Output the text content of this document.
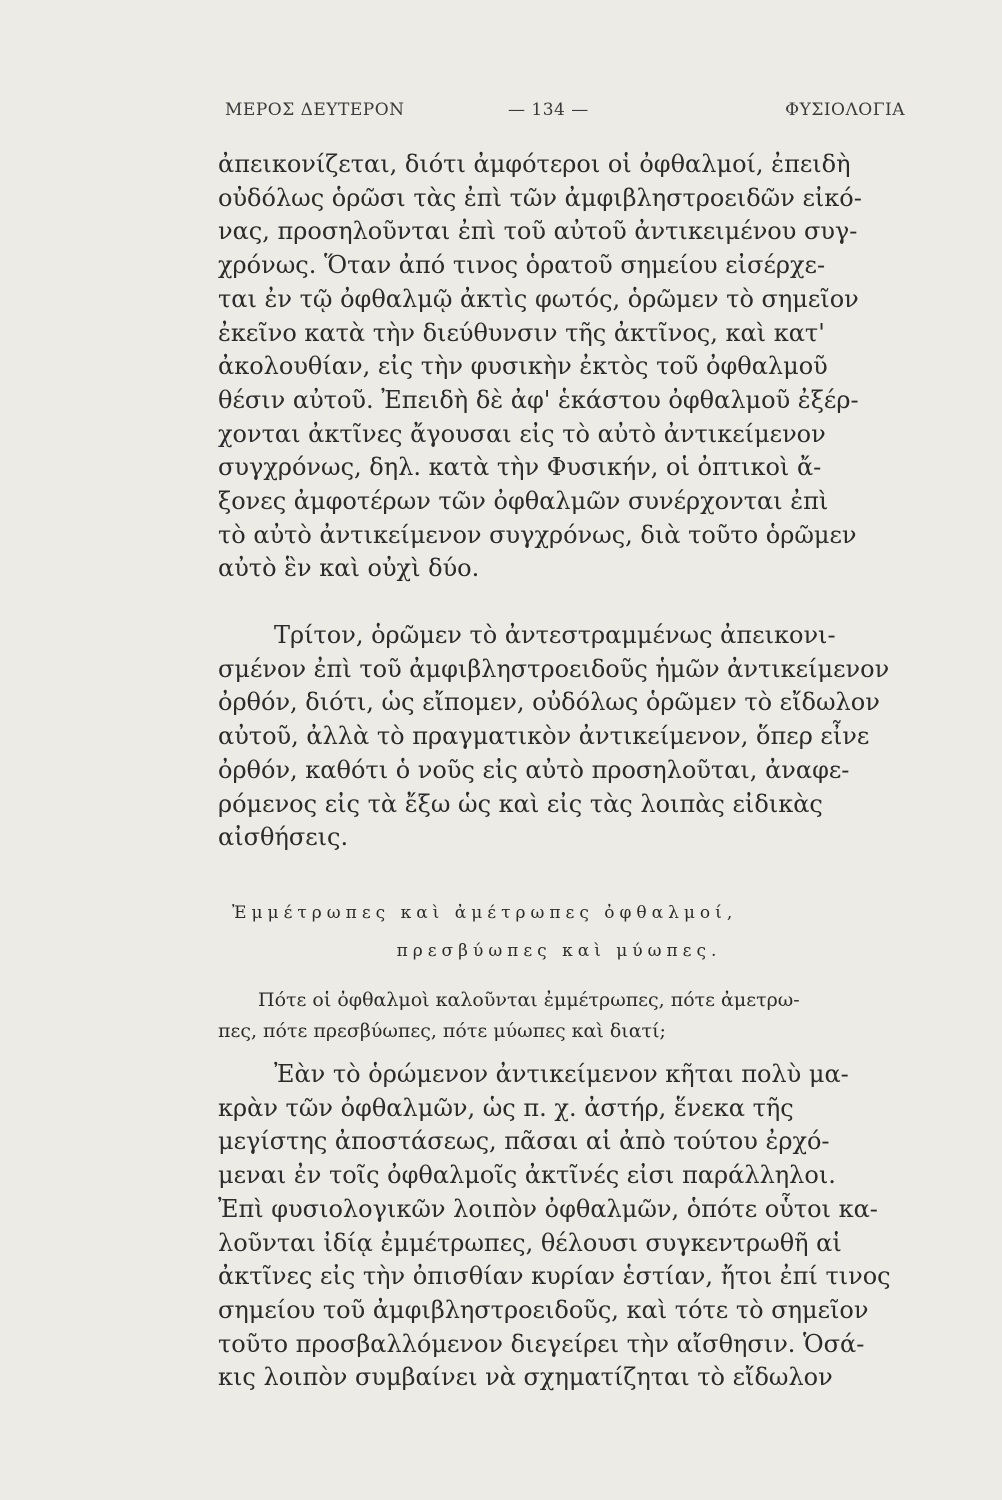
ΜΕΡΟΣ ΔΕΥΤΕΡΟΝ	— 134 —	ΦΥΣΙΟΛΟΓΙΑ
ἀπεικονίζεται, διότι ἀμφότεροι οἱ ὀφθαλμοί, ἐπειδὴ
οὐδόλως ὁρῶσι τὰς ἐπὶ τῶν ἀμφιβληστροειδῶν εἰκό-
νας, προσηλοῦνται ἐπὶ τοῦ αὐτοῦ ἀντικειμένου συγ-
χρόνως. Ὅταν ἀπό τινος ὁρατοῦ σημείου εἰσέρχε-
ται ἐν τῷ ὀφθαλμῷ ἀκτὶς φωτός, ὁρῶμεν τὸ σημεῖον
ἐκεῖνο κατὰ τὴν διεύθυνσιν τῆς ἀκτῖνος, καὶ κατ'
ἀκολουθίαν, εἰς τὴν φυσικὴν ἐκτὸς τοῦ ὀφθαλμοῦ
θέσιν αὐτοῦ. Ἐπειδὴ δὲ ἀφ' ἑκάστου ὀφθαλμοῦ ἐξέρ-
χονται ἀκτῖνες ἄγουσαι εἰς τὸ αὐτὸ ἀντικείμενον
συγχρόνως, δηλ. κατὰ τὴν Φυσικήν, οἱ ὀπτικοὶ ἄ-
ξονες ἀμφοτέρων τῶν ὀφθαλμῶν συνέρχονται ἐπὶ
τὸ αὐτὸ ἀντικείμενον συγχρόνως, διὰ τοῦτο ὁρῶμεν
αὐτὸ ἓν καὶ οὐχὶ δύο.
Τρίτον, ὁρῶμεν τὸ ἀντεστραμμένως ἀπεικονι-
σμένον ἐπὶ τοῦ ἀμφιβληστροειδοῦς ἡμῶν ἀντικείμενον
ὀρθόν, διότι, ὡς εἴπομεν, οὐδόλως ὁρῶμεν τὸ εἴδωλον
αὐτοῦ, ἀλλὰ τὸ πραγματικὸν ἀντικείμενον, ὅπερ εἶνε
ὀρθόν, καθότι ὁ νοῦς εἰς αὐτὸ προσηλοῦται, ἀναφε-
ρόμενος εἰς τὰ ἔξω ὡς καὶ εἰς τὰς λοιπὰς εἰδικὰς
αἰσθήσεις.
Ἐμμέτρωπες καὶ ἀμέτρωπες ὀφθαλμοί,
πρεσβύωπες καὶ μύωπες.
Πότε οἱ ὀφθαλμοὶ καλοῦνται ἐμμέτρωπες, πότε ἀμετρω-
πες, πότε πρεσβύωπες, πότε μύωπες καὶ διατί;
Ἐὰν τὸ ὁρώμενον ἀντικείμενον κῆται πολὺ μα-
κρὰν τῶν ὀφθαλμῶν, ὡς π. χ. ἀστήρ, ἕνεκα τῆς
μεγίστης ἀποστάσεως, πᾶσαι αἱ ἀπὸ τούτου ἐρχό-
μεναι ἐν τοῖς ὀφθαλμοῖς ἀκτῖνές εἰσι παράλληλοι.
Ἐπὶ φυσιολογικῶν λοιπὸν ὀφθαλμῶν, ὁπότε οὗτοι κα-
λοῦνται ἰδίᾳ ἐμμέτρωπες, θέλουσι συγκεντρωθῆ αἱ
ἀκτῖνες εἰς τὴν ὀπισθίαν κυρίαν ἑστίαν, ἤτοι ἐπί τινος
σημείου τοῦ ἀμφιβληστροειδοῦς, καὶ τότε τὸ σημεῖον
τοῦτο προσβαλλόμενον διεγείρει τὴν αἴσθησιν. Ὁσά-
κις λοιπὸν συμβαίνει νὰ σχηματίζηται τὸ εἴδωλον
